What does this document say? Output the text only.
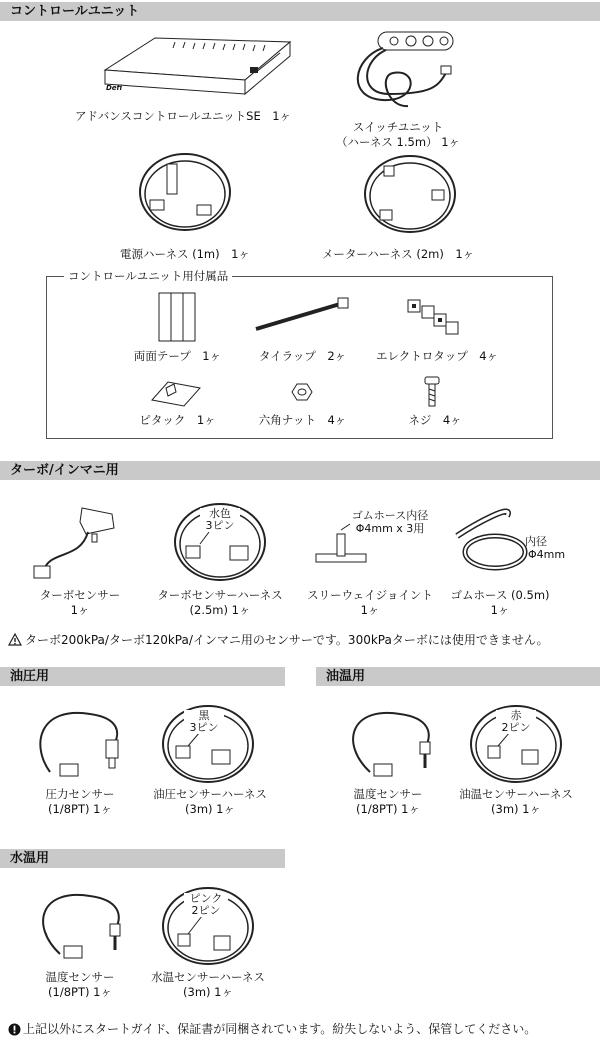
コントロールユニット
Defi
アドバンスコントロールユニットSE　1ヶ
スイッチユニット
（ハーネス 1.5m） 1ヶ
電源ハーネス (1m)　1ヶ	メーターハーネス (2m)　1ヶ
コントロールユニット用付属品
両面テープ　1ヶ	タイラップ　2ヶ	エレクトロタップ　4ヶ
ピタック　1ヶ	六角ナット　4ヶ	ネジ　4ヶ
ターボ/インマニ用
ターボセンサー
1ヶ
水色
3ピン
ターボセンサーハーネス
(2.5m) 1ヶ
ゴムホース内径
Φ4mm x 3用
スリーウェイジョイント
1ヶ
内径
Φ4mm
ゴムホース (0.5m)
1ヶ
ターボ200kPa/ターボ120kPa/インマニ用のセンサーです。300kPaターボには使用できません。
油圧用
圧力センサー
(1/8PT) 1ヶ
黒
3ピン
油圧センサーハーネス
(3m) 1ヶ
油温用
温度センサー
(1/8PT) 1ヶ
赤
2ピン
油温センサーハーネス
(3m) 1ヶ
水温用
温度センサー
(1/8PT) 1ヶ
ピンク
2ピン
水温センサーハーネス
(3m) 1ヶ
上記以外にスタートガイド、保証書が同梱されています。紛失しないよう、保管してください。
